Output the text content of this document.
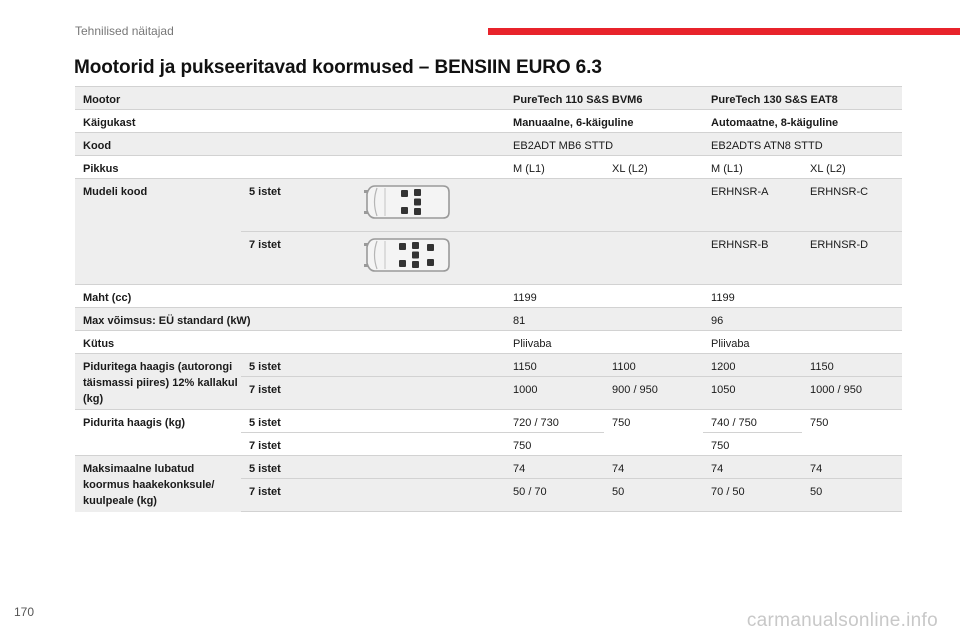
Tehnilised näitajad
Mootorid ja pukseeritavad koormused – BENSIIN EURO 6.3
Mootor			PureTech 110 S&S BVM6		PureTech 130 S&S EAT8	
Käigukast			Manuaalne, 6-käiguline		Automaatne, 8-käiguline	
Kood			EB2ADT MB6 STTD		EB2ADTS ATN8 STTD	
Pikkus			M (L1)	XL (L2)	M (L1)	XL (L2)
Mudeli kood	5 istet				ERHNSR-A	ERHNSR-C
	7 istet				ERHNSR-B	ERHNSR-D
Maht (cc)			1199		1199	
Max võimsus: EÜ standard (kW)			81		96	
Kütus			Pliivaba		Pliivaba	
Piduritega haagis (autorongi täismassi piires) 12% kallakul (kg)	5 istet		1150	1100	1200	1150
	7 istet		1000	900 / 950	1050	1000 / 950
Pidurita haagis (kg)	5 istet		720 / 730	750	740 / 750	750
	7 istet		750		750	
Maksimaalne lubatud koormus haakekonksule/ kuulpeale (kg)	5 istet		74	74	74	74
	7 istet		50 / 70	50	70 / 50	50
170	carmanualsonline.info
